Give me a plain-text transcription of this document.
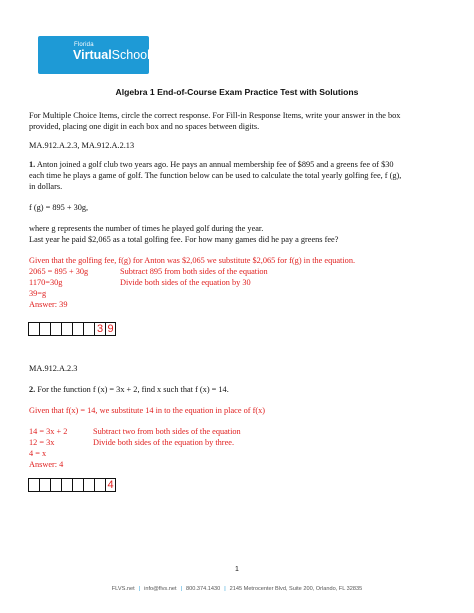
Florida
VirtualSchool
Algebra 1 End-of-Course Exam Practice Test with Solutions
For Multiple Choice Items, circle the correct response. For Fill-in Response Items, write your answer in the box
provided, placing one digit in each box and no spaces between digits.
MA.912.A.2.3, MA.912.A.2.13
1. Anton joined a golf club two years ago. He pays an annual membership fee of $895 and a greens fee of $30
each time he plays a game of golf. The function below can be used to calculate the total yearly golfing fee, f (g),
in dollars.
f (g) = 895 + 30g,
where g represents the number of times he played golf during the year.
Last year he paid $2,065 as a total golfing fee. For how many games did he pay a greens fee?
Given that the golfing fee, f(g) for Anton was $2,065 we substitute $2,065 for f(g) in the equation.
2065 = 895 + 30g	Subtract 895 from both sides of the equation
1170=30g	Divide both sides of the equation by 30
39=g
Answer: 39
3 9
MA.912.A.2.3
2. For the function f (x) = 3x + 2, find x such that f (x) = 14.
Given that f(x) = 14, we substitute 14 in to the equation in place of f(x)
14 = 3x + 2	Subtract two from both sides of the equation
12 = 3x	Divide both sides of the equation by three.
4 = x
Answer: 4
4
1
FLVS.net | info@flvs.net | 800.374.1430 | 2145 Metrocenter Blvd, Suite 200, Orlando, FL 32835
